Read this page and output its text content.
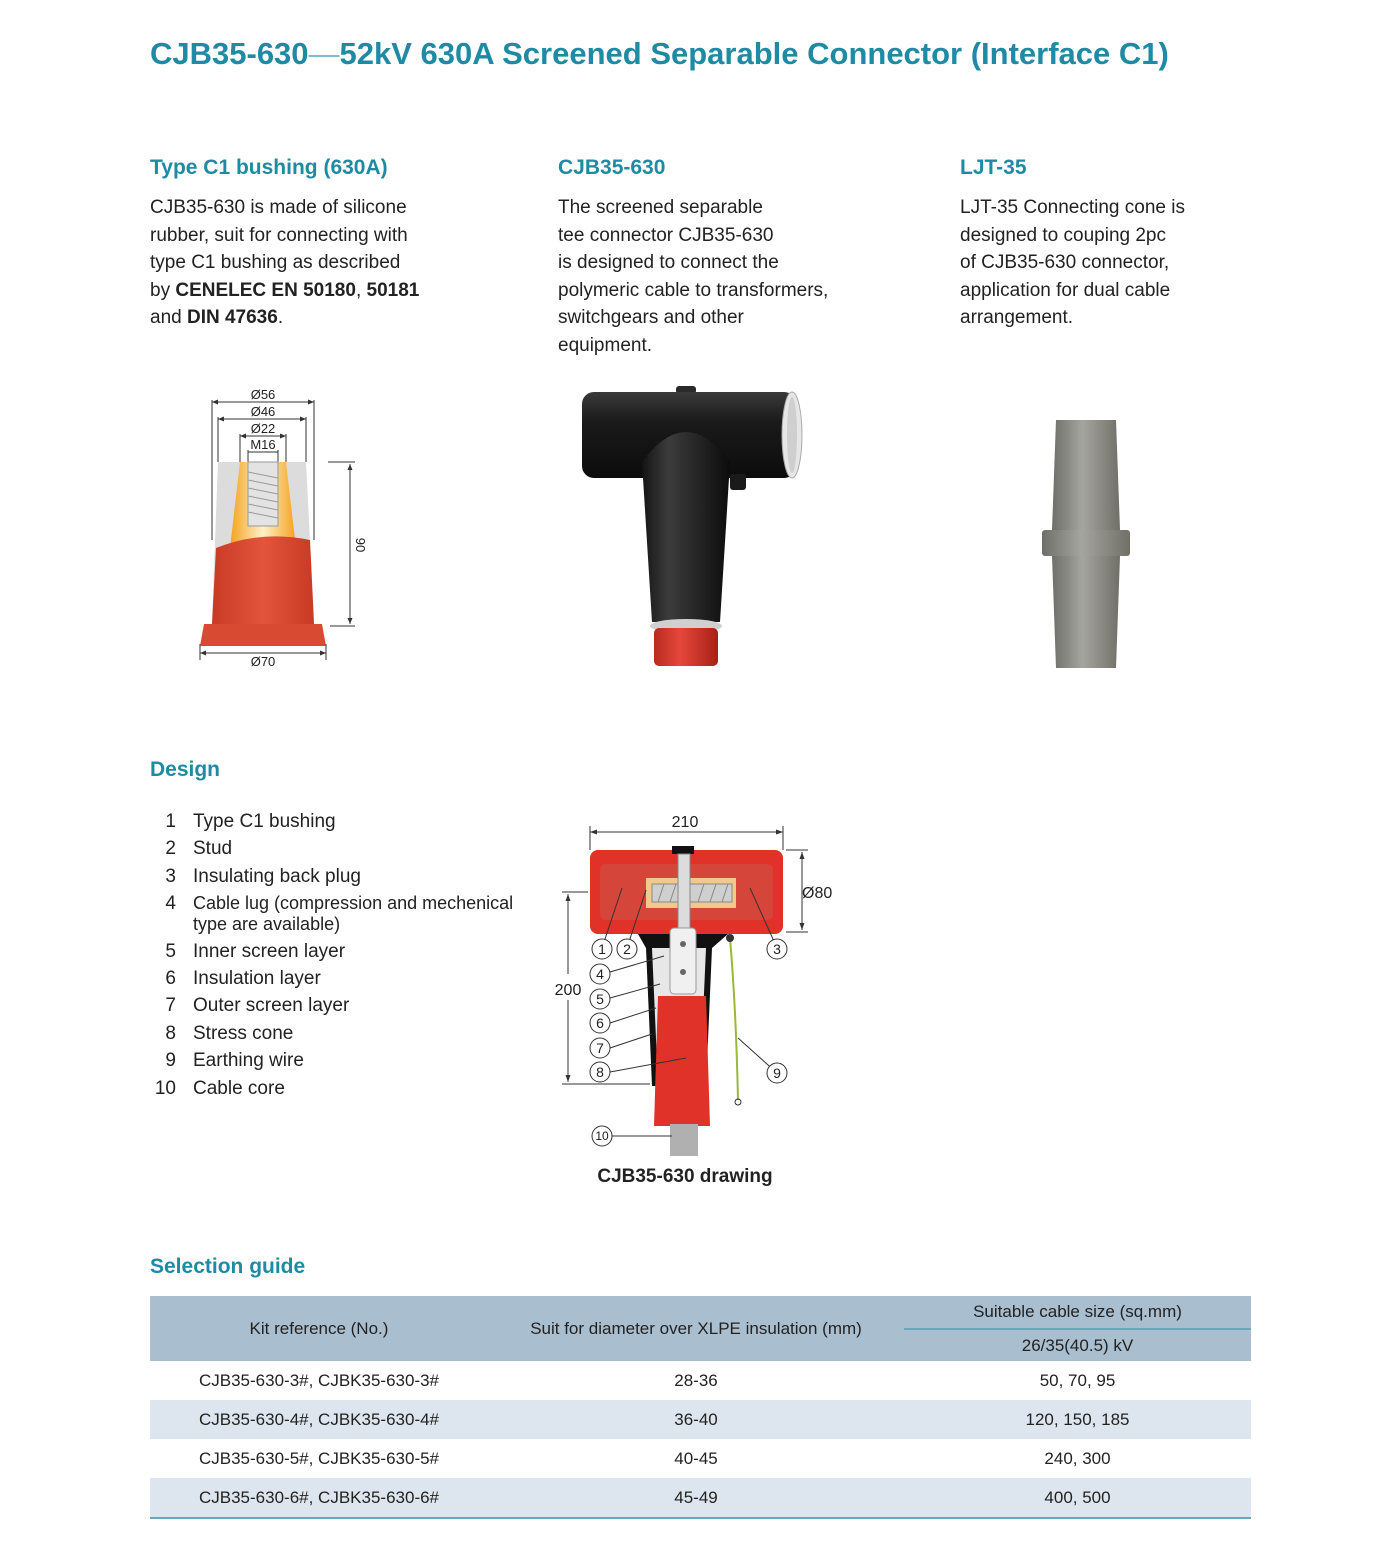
CJB35-630—52kV 630A Screened Separable Connector (Interface C1)
Type C1 bushing (630A)
CJB35-630 is made of silicone
rubber, suit for connecting with
type C1 bushing as described
by CENELEC EN 50180, 50181
and DIN 47636.
CJB35-630
The screened separable
tee connector CJB35-630
is designed to connect the
polymeric cable to transformers,
switchgears and other
equipment.
LJT-35
LJT-35 Connecting cone is
designed to couping 2pc
of CJB35-630 connector,
application for dual cable
arrangement.
Ø56
Ø46
Ø22
M16
90
Ø70
Design
1 Type C1 bushing
2 Stud
3 Insulating back plug
4 Cable lug (compression and mechenical type are available)
5 Inner screen layer
6 Insulation layer
7 Outer screen layer
8 Stress cone
9 Earthing wire
10 Cable core
210
Ø80
200
1 2	3
4
5
6
7
8	9
10
CJB35-630 drawing
Selection guide
Kit reference (No.)	Suit for diameter over XLPE insulation (mm)	Suitable cable size (sq.mm)
		26/35(40.5) kV
CJB35-630-3#, CJBK35-630-3#	28-36	50, 70, 95
CJB35-630-4#, CJBK35-630-4#	36-40	120, 150, 185
CJB35-630-5#, CJBK35-630-5#	40-45	240, 300
CJB35-630-6#, CJBK35-630-6#	45-49	400, 500
